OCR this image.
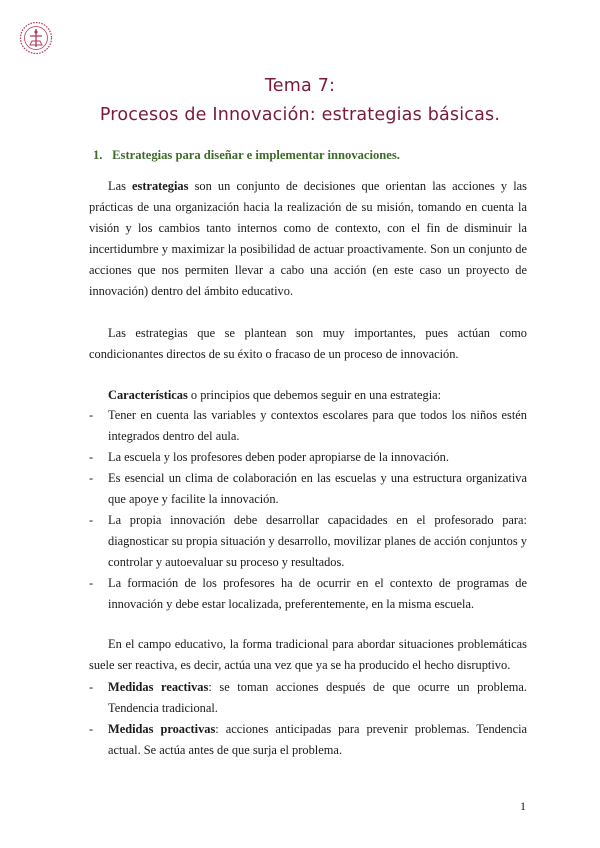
Tema 7:
Procesos de Innovación: estrategias básicas.
1. Estrategias para diseñar e implementar innovaciones.

Las estrategias son un conjunto de decisiones que orientan las acciones y las prácticas de una organización hacia la realización de su misión, tomando en cuenta la visión y los cambios tanto internos como de contexto, con el fin de disminuir la incertidumbre y maximizar la posibilidad de actuar proactivamente. Son un conjunto de acciones que nos permiten llevar a cabo una acción (en este caso un proyecto de innovación) dentro del ámbito educativo.

Las estrategias que se plantean son muy importantes, pues actúan como condicionantes directos de su éxito o fracaso de un proceso de innovación.

Características o principios que debemos seguir en una estrategia:

- Tener en cuenta las variables y contextos escolares para que todos los niños estén integrados dentro del aula.
- La escuela y los profesores deben poder apropiarse de la innovación.
- Es esencial un clima de colaboración en las escuelas y una estructura organizativa que apoye y facilite la innovación.
- La propia innovación debe desarrollar capacidades en el profesorado para: diagnosticar su propia situación y desarrollo, movilizar planes de acción conjuntos y controlar y autoevaluar su proceso y resultados.
- La formación de los profesores ha de ocurrir en el contexto de programas de innovación y debe estar localizada, preferentemente, en la misma escuela.

En el campo educativo, la forma tradicional para abordar situaciones problemáticas suele ser reactiva, es decir, actúa una vez que ya se ha producido el hecho disruptivo.

- Medidas reactivas: se toman acciones después de que ocurre un problema. Tendencia tradicional.
- Medidas proactivas: acciones anticipadas para prevenir problemas. Tendencia actual. Se actúa antes de que surja el problema.
1
